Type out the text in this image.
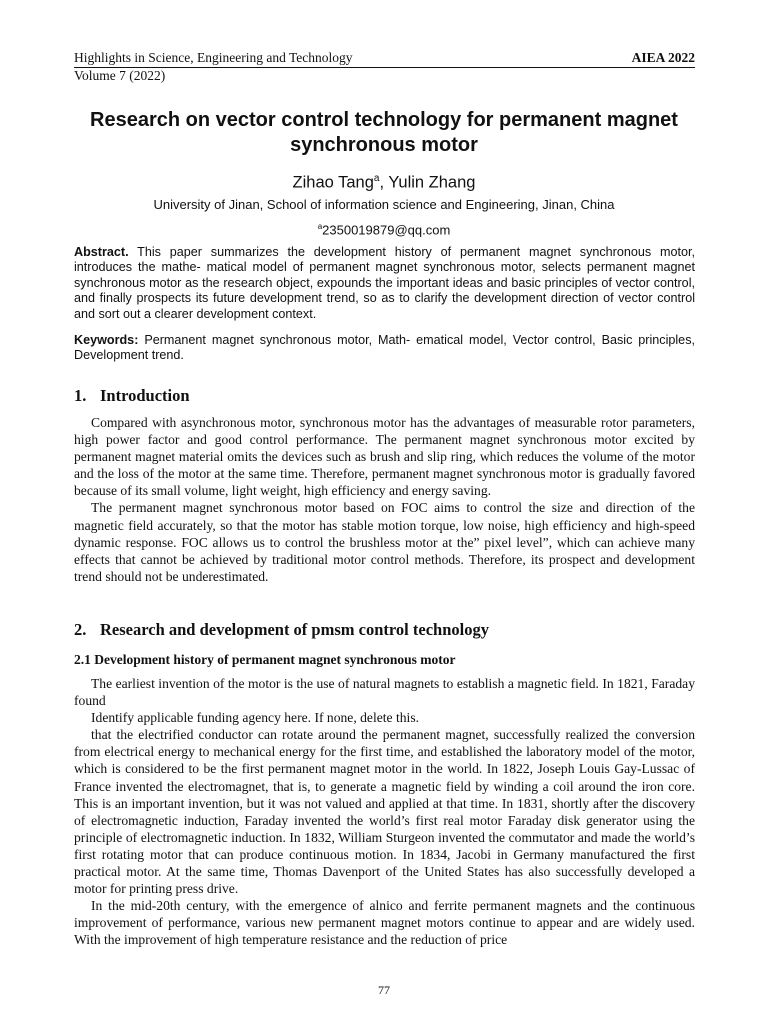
Highlights in Science, Engineering and Technology	AIEA 2022
Volume 7 (2022)
Research on vector control technology for permanent magnet synchronous motor
Zihao Tang$^a$, Yulin Zhang
University of Jinan, School of information science and Engineering, Jinan, China
$^a$2350019879@qq.com
Abstract. This paper summarizes the development history of permanent magnet synchronous motor, introduces the mathe- matical model of permanent magnet synchronous motor, selects permanent magnet synchronous motor as the research object, expounds the important ideas and basic principles of vector control, and finally prospects its future development trend, so as to clarify the development direction of vector control and sort out a clearer development context.
Keywords: Permanent magnet synchronous motor, Math- ematical model, Vector control, Basic principles, Development trend.
1. Introduction

Compared with asynchronous motor, synchronous motor has the advantages of measurable rotor parameters, high power factor and good control performance. The permanent magnet synchronous motor excited by permanent magnet material omits the devices such as brush and slip ring, which reduces the volume of the motor and the loss of the motor at the same time. Therefore, permanent magnet synchronous motor is gradually favored because of its small volume, light weight, high efficiency and energy saving.

The permanent magnet synchronous motor based on FOC aims to control the size and direction of the magnetic field accurately, so that the motor has stable motion torque, low noise, high efficiency and high-speed dynamic response. FOC allows us to control the brushless motor at the” pixel level”, which can achieve many effects that cannot be achieved by traditional motor control methods. Therefore, its prospect and development trend should not be underestimated.

2. Research and development of pmsm control technology
2.1 Development history of permanent magnet synchronous motor

The earliest invention of the motor is the use of natural magnets to establish a magnetic field. In 1821, Faraday found

Identify applicable funding agency here. If none, delete this.

that the electrified conductor can rotate around the permanent magnet, successfully realized the conversion from electrical energy to mechanical energy for the first time, and established the laboratory model of the motor, which is considered to be the first permanent magnet motor in the world. In 1822, Joseph Louis Gay-Lussac of France invented the electromagnet, that is, to generate a magnetic field by winding a coil around the iron core. This is an important invention, but it was not valued and applied at that time. In 1831, shortly after the discovery of electromagnetic induction, Faraday invented the world’s first real motor Faraday disk generator using the principle of electromagnetic induction. In 1832, William Sturgeon invented the commutator and made the world’s first rotating motor that can produce continuous motion. In 1834, Jacobi in Germany manufactured the first practical motor. At the same time, Thomas Davenport of the United States has also successfully developed a motor for printing press drive.

In the mid-20th century, with the emergence of alnico and ferrite permanent magnets and the continuous improvement of performance, various new permanent magnet motors continue to appear and are widely used. With the improvement of high temperature resistance and the reduction of price

77
